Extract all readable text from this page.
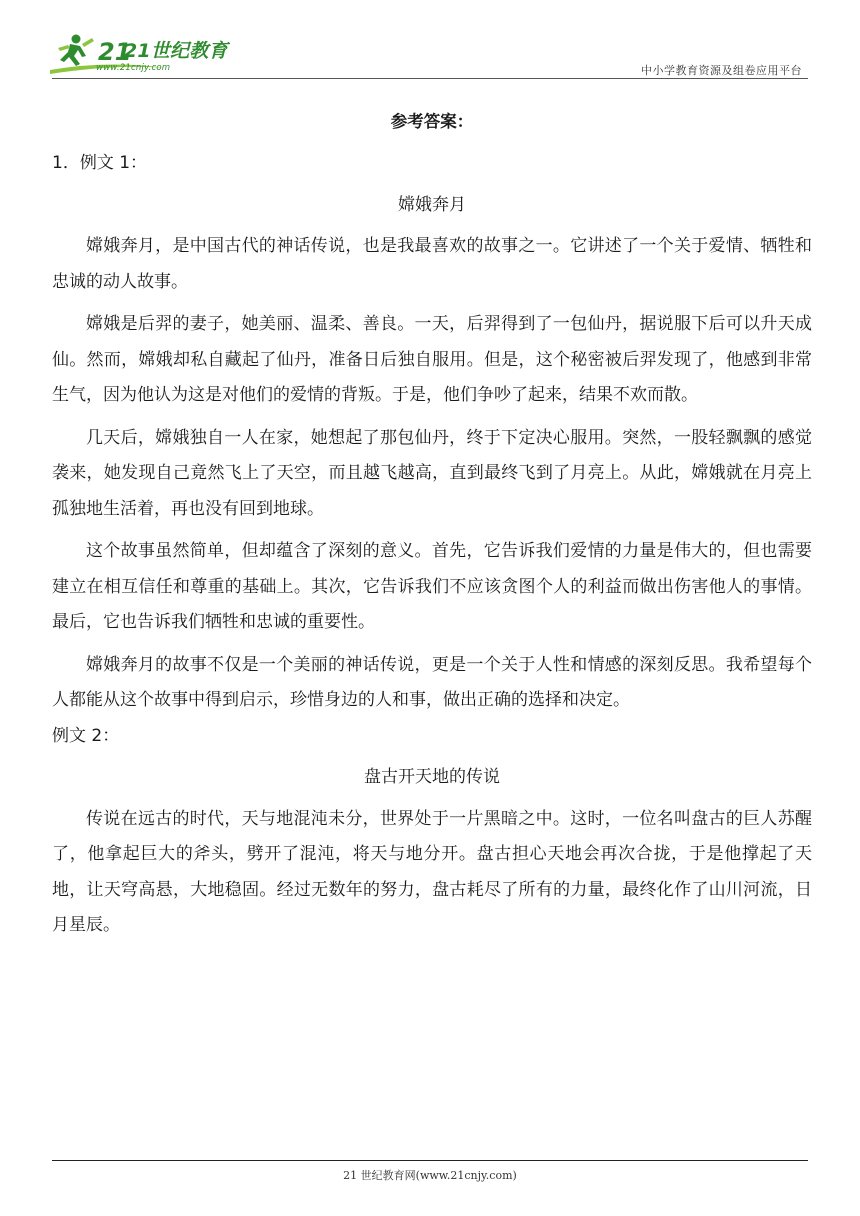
21
21世纪教育
www.21cnjy.com	中小学教育资源及组卷应用平台

参考答案：

1．例文 1：

嫦娥奔月

嫦娥奔月，是中国古代的神话传说，也是我最喜欢的故事之一。它讲述了一个关于爱情、牺牲和忠诚的动人故事。

嫦娥是后羿的妻子，她美丽、温柔、善良。一天，后羿得到了一包仙丹，据说服下后可以升天成仙。然而，嫦娥却私自藏起了仙丹，准备日后独自服用。但是，这个秘密被后羿发现了，他感到非常生气，因为他认为这是对他们的爱情的背叛。于是，他们争吵了起来，结果不欢而散。

几天后，嫦娥独自一人在家，她想起了那包仙丹，终于下定决心服用。突然，一股轻飘飘的感觉袭来，她发现自己竟然飞上了天空，而且越飞越高，直到最终飞到了月亮上。从此，嫦娥就在月亮上孤独地生活着，再也没有回到地球。

这个故事虽然简单，但却蕴含了深刻的意义。首先，它告诉我们爱情的力量是伟大的，但也需要建立在相互信任和尊重的基础上。其次，它告诉我们不应该贪图个人的利益而做出伤害他人的事情。最后，它也告诉我们牺牲和忠诚的重要性。

嫦娥奔月的故事不仅是一个美丽的神话传说，更是一个关于人性和情感的深刻反思。我希望每个人都能从这个故事中得到启示，珍惜身边的人和事，做出正确的选择和决定。

例文 2：

盘古开天地的传说

传说在远古的时代，天与地混沌未分，世界处于一片黑暗之中。这时，一位名叫盘古的巨人苏醒了，他拿起巨大的斧头，劈开了混沌，将天与地分开。盘古担心天地会再次合拢，于是他撑起了天地，让天穹高悬，大地稳固。经过无数年的努力，盘古耗尽了所有的力量，最终化作了山川河流，日月星辰。

21 世纪教育网(www.21cnjy.com)
